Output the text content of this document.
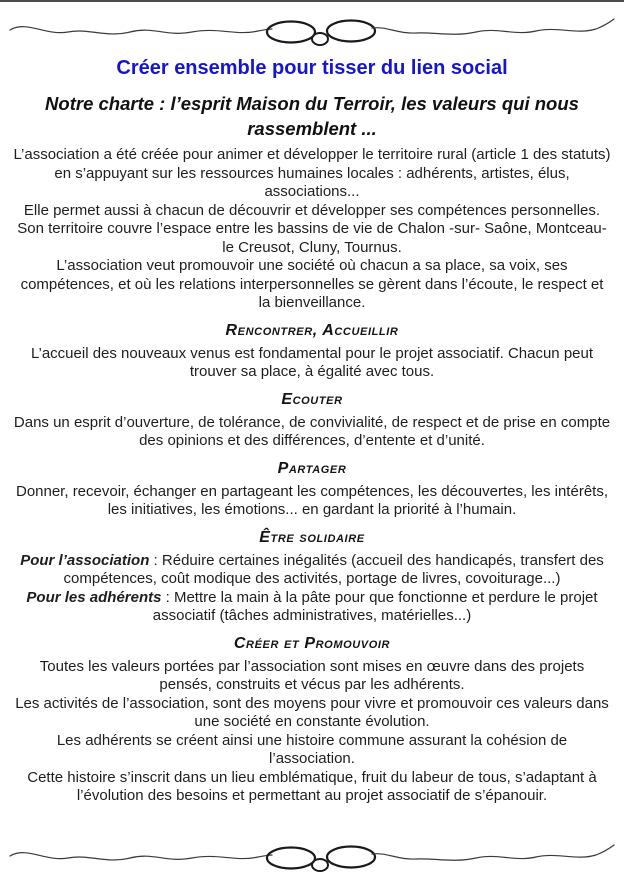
Créer ensemble pour tisser du lien social
Notre charte : l’esprit Maison du Terroir, les valeurs qui nous rassemblent ...

L’association a été créée pour animer et développer le territoire rural (article 1 des statuts) en s’appuyant sur les ressources humaines locales : adhérents, artistes, élus, associations...

Elle permet aussi à chacun de découvrir et développer ses compétences personnelles. Son territoire couvre l’espace entre les bassins de vie de Chalon -sur- Saône, Montceau-le Creusot, Cluny, Tournus.

L’association veut promouvoir une société où chacun a sa place, sa voix, ses compétences, et où les relations interpersonnelles se gèrent dans l’écoute, le respect et la bienveillance.

Rencontrer, Accueillir

L’accueil des nouveaux venus est fondamental pour le projet associatif. Chacun peut trouver sa place, à égalité avec tous.

Ecouter

Dans un esprit d’ouverture, de tolérance, de convivialité, de respect et de prise en compte des opinions et des différences, d’entente et d’unité.

Partager

Donner, recevoir, échanger en partageant les compétences, les découvertes, les intérêts, les initiatives, les émotions... en gardant la priorité à l’humain.

Être solidaire

Pour l’association : Réduire certaines inégalités (accueil des handicapés, transfert des compétences, coût modique des activités, portage de livres, covoiturage...)

Pour les adhérents : Mettre la main à la pâte pour que fonctionne et perdure le projet associatif (tâches administratives, matérielles...)

Créer et Promouvoir

Toutes les valeurs portées par l’association sont mises en œuvre dans des projets pensés, construits et vécus par les adhérents.

Les activités de l’association, sont des moyens pour vivre et promouvoir ces valeurs dans une société en constante évolution.

Les adhérents se créent ainsi une histoire commune assurant la cohésion de l’association.

Cette histoire s’inscrit dans un lieu emblématique, fruit du labeur de tous, s’adaptant à l’évolution des besoins et permettant au projet associatif de s’épanouir.
